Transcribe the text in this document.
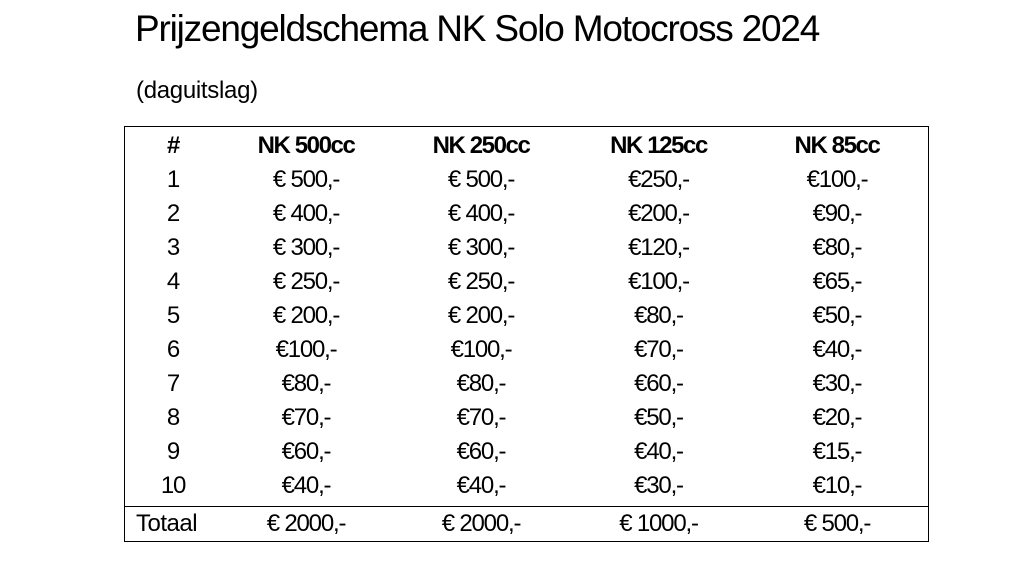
Prijzengeldschema NK Solo Motocross 2024
(daguitslag)
#	NK 500cc	NK 250cc	NK 125cc	NK 85cc
1	€ 500,-	€ 500,-	€250,-	€100,-
2	€ 400,-	€ 400,-	€200,-	€90,-
3	€ 300,-	€ 300,-	€120,-	€80,-
4	€ 250,-	€ 250,-	€100,-	€65,-
5	€ 200,-	€ 200,-	€80,-	€50,-
6	€100,-	€100,-	€70,-	€40,-
7	€80,-	€80,-	€60,-	€30,-
8	€70,-	€70,-	€50,-	€20,-
9	€60,-	€60,-	€40,-	€15,-
10	€40,-	€40,-	€30,-	€10,-
Totaal	€ 2000,-	€ 2000,-	€ 1000,-	€ 500,-
